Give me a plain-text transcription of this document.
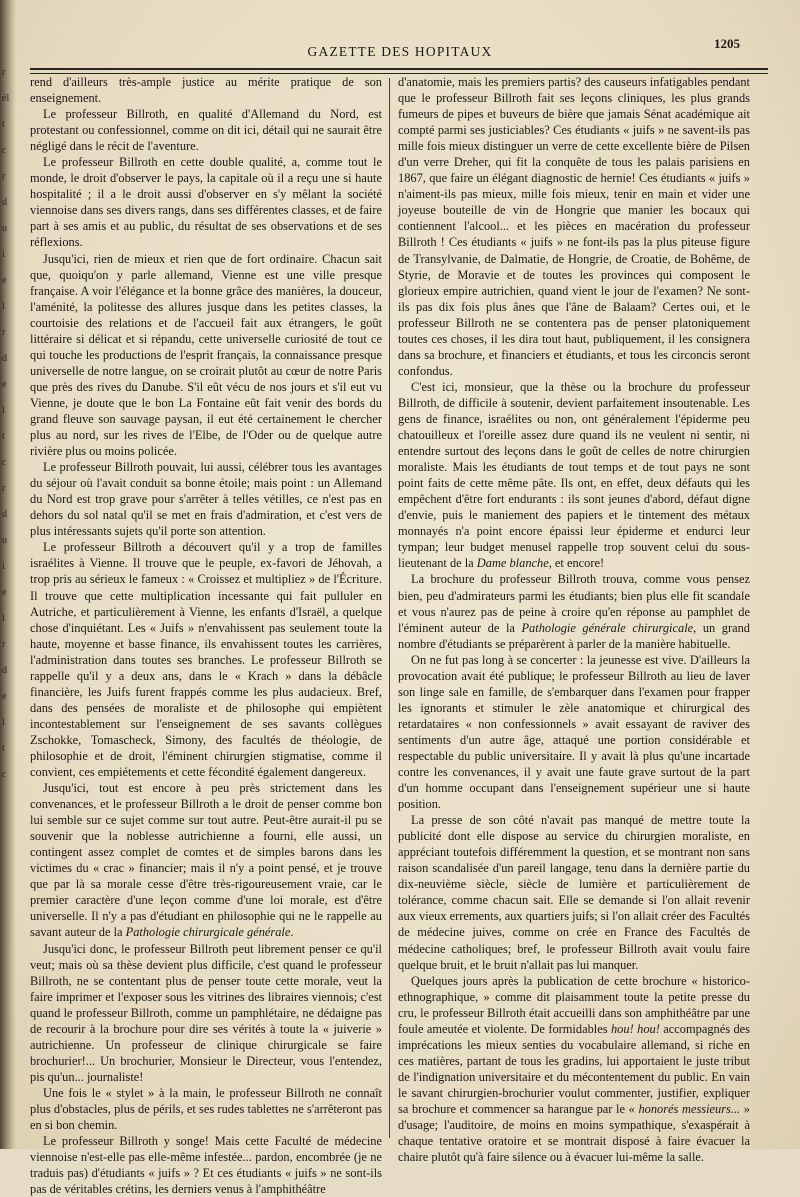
r
él
t
c
r
d
u
i
e
l
r
d
e
l
t
c
r
d
u
i
e
l
r
d
e
l
t
c
GAZETTE DES HOPITAUX
1205

rend d'ailleurs très-ample justice au mérite pratique de son enseignement.

Le professeur Billroth, en qualité d'Allemand du Nord, est protestant ou confessionnel, comme on dit ici, détail qui ne saurait être négligé dans le récit de l'aventure.

Le professeur Billroth en cette double qualité, a, comme tout le monde, le droit d'observer le pays, la capitale où il a reçu une si haute hospitalité ; il a le droit aussi d'observer en s'y mêlant la société viennoise dans ses divers rangs, dans ses différentes classes, et de faire part à ses amis et au public, du résultat de ses observations et de ses réflexions.

Jusqu'ici, rien de mieux et rien que de fort ordinaire. Chacun sait que, quoiqu'on y parle allemand, Vienne est une ville presque française. A voir l'élégance et la bonne grâce des manières, la douceur, l'aménité, la politesse des allures jusque dans les petites classes, la courtoisie des relations et de l'accueil fait aux étrangers, le goût littéraire si délicat et si répandu, cette universelle curiosité de tout ce qui touche les productions de l'esprit français, la connaissance presque universelle de notre langue, on se croirait plutôt au cœur de notre Paris que près des rives du Danube. S'il eût vécu de nos jours et s'il eut vu Vienne, je doute que le bon La Fontaine eût fait venir des bords du grand fleuve son sauvage paysan, il eut été certainement le chercher plus au nord, sur les rives de l'Elbe, de l'Oder ou de quelque autre rivière plus ou moins policée.

Le professeur Billroth pouvait, lui aussi, célébrer tous les avantages du séjour où l'avait conduit sa bonne étoile; mais point : un Allemand du Nord est trop grave pour s'arrêter à telles vétilles, ce n'est pas en dehors du sol natal qu'il se met en frais d'admiration, et c'est vers de plus intéressants sujets qu'il porte son attention.

Le professeur Billroth a découvert qu'il y a trop de familles israélites à Vienne. Il trouve que le peuple, ex-favori de Jéhovah, a trop pris au sérieux le fameux : « Croissez et multipliez » de l'Écriture. Il trouve que cette multiplication incessante qui fait pulluler en Autriche, et particulièrement à Vienne, les enfants d'Israël, a quelque chose d'inquiétant. Les « Juifs » n'envahissent pas seulement toute la haute, moyenne et basse finance, ils envahissent toutes les carrières, l'administration dans toutes ses branches. Le professeur Billroth se rappelle qu'il y a deux ans, dans le « Krach » dans la débâcle financière, les Juifs furent frappés comme les plus audacieux. Bref, dans des pensées de moraliste et de philosophe qui empiètent incontestablement sur l'enseignement de ses savants collègues Zschokke, Tomascheck, Simony, des facultés de théologie, de philosophie et de droit, l'éminent chirurgien stigmatise, comme il convient, ces empiétements et cette fécondité également dangereux.

Jusqu'ici, tout est encore à peu près strictement dans les convenances, et le professeur Billroth a le droit de penser comme bon lui semble sur ce sujet comme sur tout autre. Peut-être aurait-il pu se souvenir que la noblesse autrichienne a fourni, elle aussi, un contingent assez complet de comtes et de simples barons dans les victimes du « crac » financier; mais il n'y a point pensé, et je trouve que par là sa morale cesse d'être très-rigoureusement vraie, car le premier caractère d'une leçon comme d'une loi morale, est d'être universelle. Il n'y a pas d'étudiant en philosophie qui ne le rappelle au savant auteur de la Pathologie chirurgicale générale.

Jusqu'ici donc, le professeur Billroth peut librement penser ce qu'il veut; mais où sa thèse devient plus difficile, c'est quand le professeur Billroth, ne se contentant plus de penser toute cette morale, veut la faire imprimer et l'exposer sous les vitrines des libraires viennois; c'est quand le professeur Billroth, comme un pamphlétaire, ne dédaigne pas de recourir à la brochure pour dire ses vérités à toute la « juiverie » autrichienne. Un professeur de clinique chirurgicale se faire brochurier!... Un brochurier, Monsieur le Directeur, vous l'entendez, pis qu'un... journaliste!

Une fois le « stylet » à la main, le professeur Billroth ne connaît plus d'obstacles, plus de périls, et ses rudes tablettes ne s'arrêteront pas en si bon chemin.

Le professeur Billroth y songe! Mais cette Faculté de médecine viennoise n'est-elle pas elle-même infestée... pardon, encombrée (je ne traduis pas) d'étudiants « juifs » ? Et ces étudiants « juifs » ne sont-ils pas de véritables crétins, les derniers venus à l'amphithéâtre

d'anatomie, mais les premiers partis? des causeurs infatigables pendant que le professeur Billroth fait ses leçons cliniques, les plus grands fumeurs de pipes et buveurs de bière que jamais Sénat académique ait compté parmi ses justiciables? Ces étudiants « juifs » ne savent-ils pas mille fois mieux distinguer un verre de cette excellente bière de Pilsen d'un verre Dreher, qui fit la conquête de tous les palais parisiens en 1867, que faire un élégant diagnostic de hernie! Ces étudiants « juifs » n'aiment-ils pas mieux, mille fois mieux, tenir en main et vider une joyeuse bouteille de vin de Hongrie que manier les bocaux qui contiennent l'alcool... et les pièces en macération du professeur Billroth ! Ces étudiants « juifs » ne font-ils pas la plus piteuse figure de Transylvanie, de Dalmatie, de Hongrie, de Croatie, de Bohême, de Styrie, de Moravie et de toutes les provinces qui composent le glorieux empire autrichien, quand vient le jour de l'examen? Ne sont-ils pas dix fois plus ânes que l'âne de Balaam? Certes oui, et le professeur Billroth ne se contentera pas de penser platoniquement toutes ces choses, il les dira tout haut, publiquement, il les consignera dans sa brochure, et financiers et étudiants, et tous les circoncis seront confondus.

C'est ici, monsieur, que la thèse ou la brochure du professeur Billroth, de difficile à soutenir, devient parfaitement insoutenable. Les gens de finance, israélites ou non, ont généralement l'épiderme peu chatouilleux et l'oreille assez dure quand ils ne veulent ni sentir, ni entendre surtout des leçons dans le goût de celles de notre chirurgien moraliste. Mais les étudiants de tout temps et de tout pays ne sont point faits de cette même pâte. Ils ont, en effet, deux défauts qui les empêchent d'être fort endurants : ils sont jeunes d'abord, défaut digne d'envie, puis le maniement des papiers et le tintement des métaux monnayés n'a point encore épaissi leur épiderme et endurci leur tympan; leur budget menusel rappelle trop souvent celui du sous-lieutenant de la Dame blanche, et encore!

La brochure du professeur Billroth trouva, comme vous pensez bien, peu d'admirateurs parmi les étudiants; bien plus elle fit scandale et vous n'aurez pas de peine à croire qu'en réponse au pamphlet de l'éminent auteur de la Pathologie générale chirurgicale, un grand nombre d'étudiants se préparèrent à parler de la manière habituelle.

On ne fut pas long à se concerter : la jeunesse est vive. D'ailleurs la provocation avait été publique; le professeur Billroth au lieu de laver son linge sale en famille, de s'embarquer dans l'examen pour frapper les ignorants et stimuler le zèle anatomique et chirurgical des retardataires « non confessionnels » avait essayant de raviver des sentiments d'un autre âge, attaqué une portion considérable et respectable du public universitaire. Il y avait là plus qu'une incartade contre les convenances, il y avait une faute grave surtout de la part d'un homme occupant dans l'enseignement supérieur une si haute position.

La presse de son côté n'avait pas manqué de mettre toute la publicité dont elle dispose au service du chirurgien moraliste, en appréciant toutefois différemment la question, et se montrant non sans raison scandalisée d'un pareil langage, tenu dans la dernière partie du dix-neuvième siècle, siècle de lumière et particulièrement de tolérance, comme chacun sait. Elle se demande si l'on allait revenir aux vieux errements, aux quartiers juifs; si l'on allait créer des Facultés de médecine juives, comme on crée en France des Facultés de médecine catholiques; bref, le professeur Billroth avait voulu faire quelque bruit, et le bruit n'allait pas lui manquer.

Quelques jours après la publication de cette brochure « historico-ethnographique, » comme dit plaisamment toute la petite presse du cru, le professeur Billroth était accueilli dans son amphithéâtre par une foule ameutée et violente. De formidables hou! hou! accompagnés des imprécations les mieux senties du vocabulaire allemand, si riche en ces matières, partant de tous les gradins, lui apportaient le juste tribut de l'indignation universitaire et du mécontentement du public. En vain le savant chirurgien-brochurier voulut commenter, justifier, expliquer sa brochure et commencer sa harangue par le « honorés messieurs... » d'usage; l'auditoire, de moins en moins sympathique, s'exaspérait à chaque tentative oratoire et se montrait disposé à faire évacuer la chaire plutôt qu'à faire silence ou à évacuer lui-même la salle.
